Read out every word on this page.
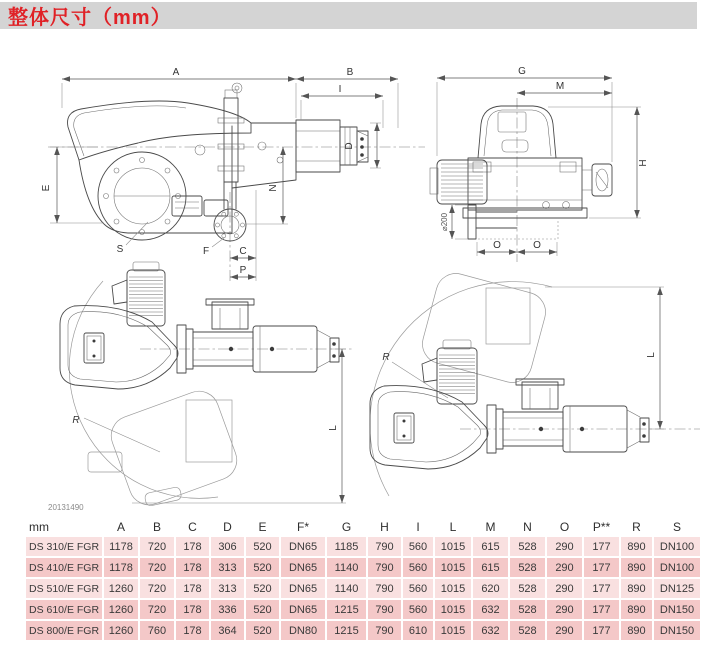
整体尺寸（mm）
A	B
I
D
E	N
C
P
S	F
G
M
H
⌀200
O	O
R
L
20131490
R	L
mm	A	B	C	D	E	F*	G	H	I	L	M	N	O	P**	R	S
DS 310/E FGR	1178	720	178	306	520	DN65	1185	790	560	1015	615	528	290	177	890	DN100
DS 410/E FGR	1178	720	178	313	520	DN65	1140	790	560	1015	615	528	290	177	890	DN100
DS 510/E FGR	1260	720	178	313	520	DN65	1140	790	560	1015	620	528	290	177	890	DN125
DS 610/E FGR	1260	720	178	336	520	DN65	1215	790	560	1015	632	528	290	177	890	DN150
DS 800/E FGR	1260	760	178	364	520	DN80	1215	790	610	1015	632	528	290	177	890	DN150
